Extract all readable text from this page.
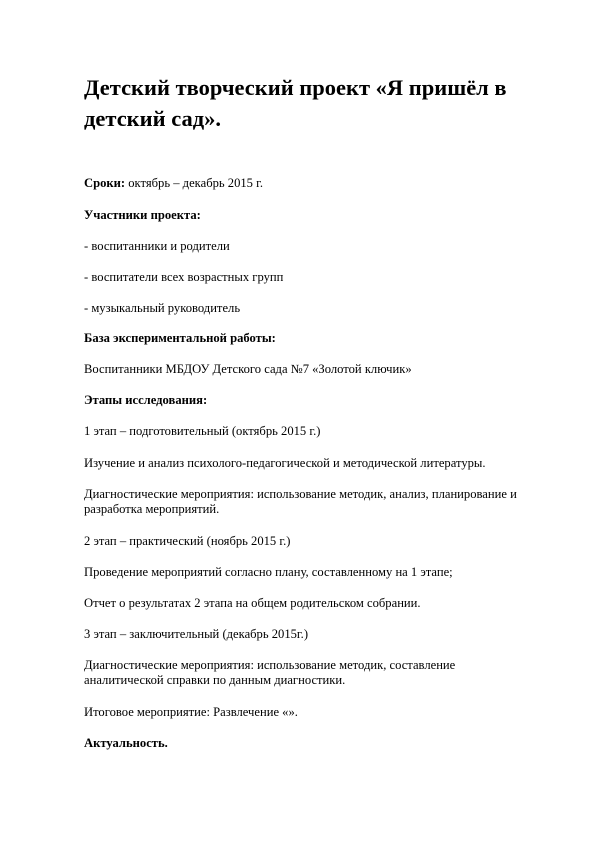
Детский творческий проект «Я пришёл в детский сад».

Сроки: октябрь – декабрь 2015 г.

Участники проекта:

- воспитанники и родители

- воспитатели всех возрастных групп

- музыкальный руководитель

База экспериментальной работы:

Воспитанники МБДОУ Детского сада №7 «Золотой ключик»

Этапы исследования:

1 этап – подготовительный (октябрь 2015 г.)

Изучение и анализ психолого-педагогической и методической литературы.

Диагностические мероприятия: использование методик, анализ, планирование и разработка мероприятий.

2 этап – практический (ноябрь 2015 г.)

Проведение мероприятий согласно плану, составленному на 1 этапе;

Отчет о результатах 2 этапа на общем родительском собрании.

3 этап – заключительный (декабрь 2015г.)

Диагностические мероприятия: использование методик, составление аналитической справки по данным диагностики.

Итоговое мероприятие: Развлечение «».

Актуальность.
